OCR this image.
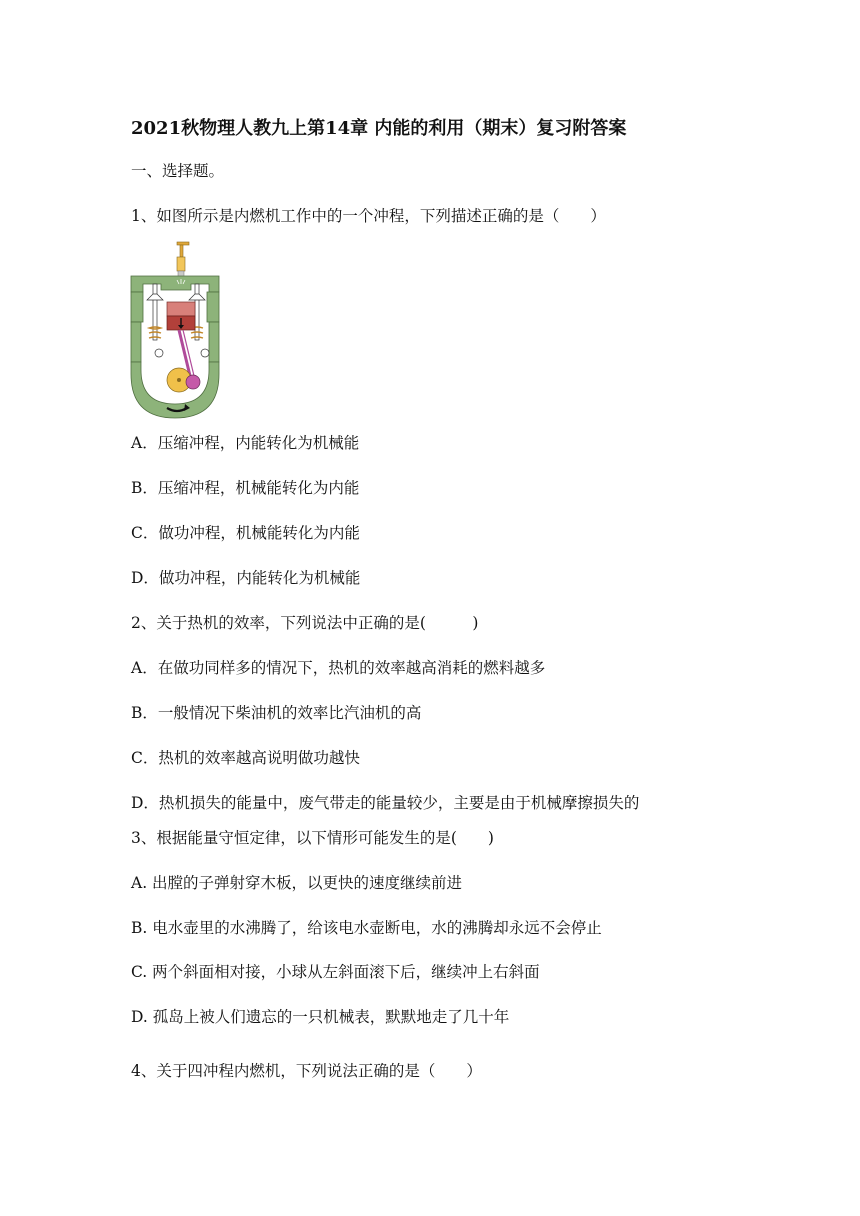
2021秋物理人教九上第14章 内能的利用（期末）复习附答案
一、选择题。
1、如图所示是内燃机工作中的一个冲程，下列描述正确的是（　　）
A．压缩冲程，内能转化为机械能
B．压缩冲程，机械能转化为内能
C．做功冲程，机械能转化为内能
D．做功冲程，内能转化为机械能
2、关于热机的效率，下列说法中正确的是(　　　)
A．在做功同样多的情况下，热机的效率越高消耗的燃料越多
B．一般情况下柴油机的效率比汽油机的高
C．热机的效率越高说明做功越快
D．热机损失的能量中，废气带走的能量较少，主要是由于机械摩擦损失的
3、根据能量守恒定律，以下情形可能发生的是(　　)
A. 出膛的子弹射穿木板，以更快的速度继续前进
B. 电水壶里的水沸腾了，给该电水壶断电，水的沸腾却永远不会停止
C. 两个斜面相对接，小球从左斜面滚下后，继续冲上右斜面
D. 孤岛上被人们遗忘的一只机械表，默默地走了几十年
4、关于四冲程内燃机，下列说法正确的是（　　）
